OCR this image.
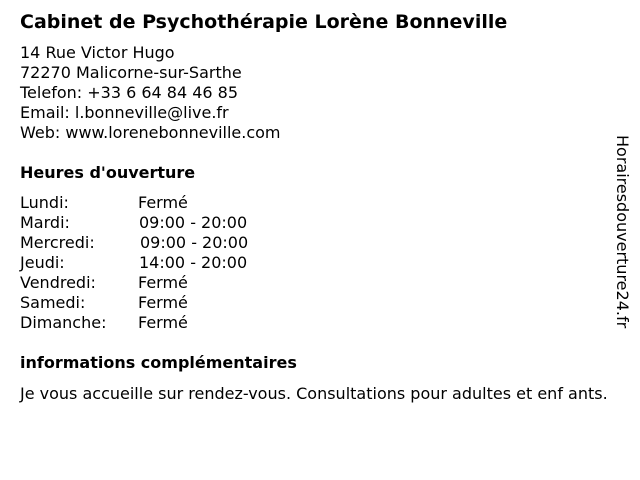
Cabinet de Psychothérapie Lorène Bonneville
14 Rue Victor Hugo
72270 Malicorne-sur-Sarthe
Telefon: +33 6 64 84 46 85
Email: l.bonneville@live.fr
Web: www.lorenebonneville.com
Heures d'ouverture
Lundi:	Fermé
Mardi:	09:00 - 20:00
Mercredi:	09:00 - 20:00
Jeudi:	14:00 - 20:00
Vendredi:	Fermé
Samedi:	Fermé
Dimanche: Fermé
informations complémentaires
Je vous accueille sur rendez-vous. Consultations pour adultes et enf ants.
Horairesdouverture24.fr
